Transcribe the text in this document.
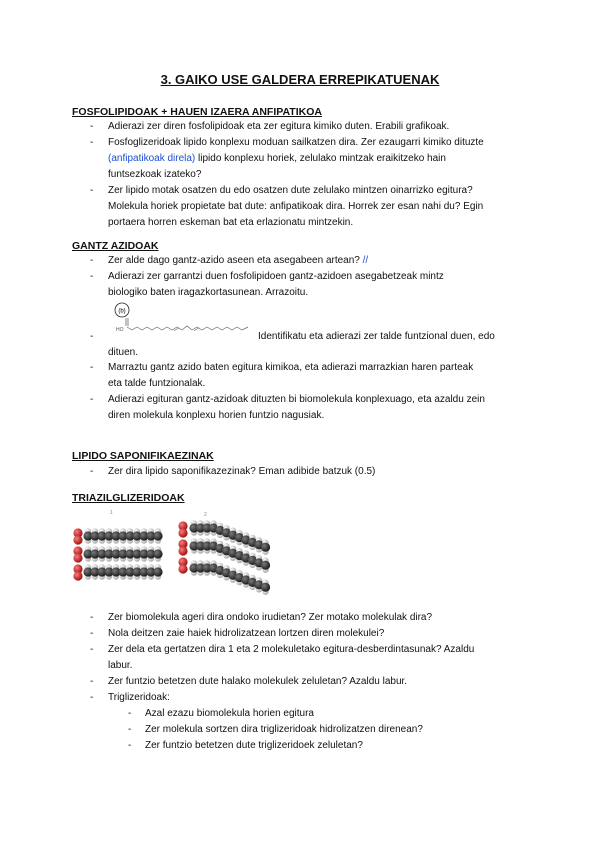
3. GAIKO USE GALDERA ERREPIKATUENAK
FOSFOLIPIDOAK + HAUEN IZAERA ANFIPATIKOA
- Adierazi zer diren fosfolipidoak eta zer egitura kimiko duten. Erabili grafikoak.
- Fosfoglizeridoak lipido konplexu moduan sailkatzen dira. Zer ezaugarri kimiko dituzte
(anfipatikoak direla) lipido konplexu horiek, zelulako mintzak eraikitzeko hain
funtsezkoak izateko?
- Zer lipido motak osatzen du edo osatzen dute zelulako mintzen oinarrizko egitura?
Molekula horiek propietate bat dute: anfipatikoak dira. Horrek zer esan nahi du? Egin
portaera horren eskeman bat eta erlazionatu mintzekin.
GANTZ AZIDOAK
- Zer alde dago gantz-azido aseen eta asegabeen artean? //
- Adierazi zer garrantzi duen fosfolipidoen gantz-azidoen asegabetzeak mintz
biologiko baten iragazkortasunean. Arrazoitu.
(b)
HO
-	Identifikatu eta adierazi zer talde funtzional duen, edo
dituen.
- Marraztu gantz azido baten egitura kimikoa, eta adierazi marrazkian haren parteak
eta talde funtzionalak.
- Adierazi egituran gantz-azidoak dituzten bi biomolekula konplexuago, eta azaldu zein
diren molekula konplexu horien funtzio nagusiak.
LIPIDO SAPONIFIKAEZINAK
- Zer dira lipido saponifikazezinak? Eman adibide batzuk (0.5)
TRIAZILGLIZERIDOAK
1	2
- Zer biomolekula ageri dira ondoko irudietan? Zer motako molekulak dira?
- Nola deitzen zaie haiek hidrolizatzean lortzen diren molekulei?
- Zer dela eta gertatzen dira 1 eta 2 molekuletako egitura-desberdintasunak? Azaldu
labur.
- Zer funtzio betetzen dute halako molekulek zeluletan? Azaldu labur.
- Triglizeridoak:
- Azal ezazu biomolekula horien egitura
- Zer molekula sortzen dira triglizeridoak hidrolizatzen direnean?
- Zer funtzio betetzen dute triglizeridoek zeluletan?
